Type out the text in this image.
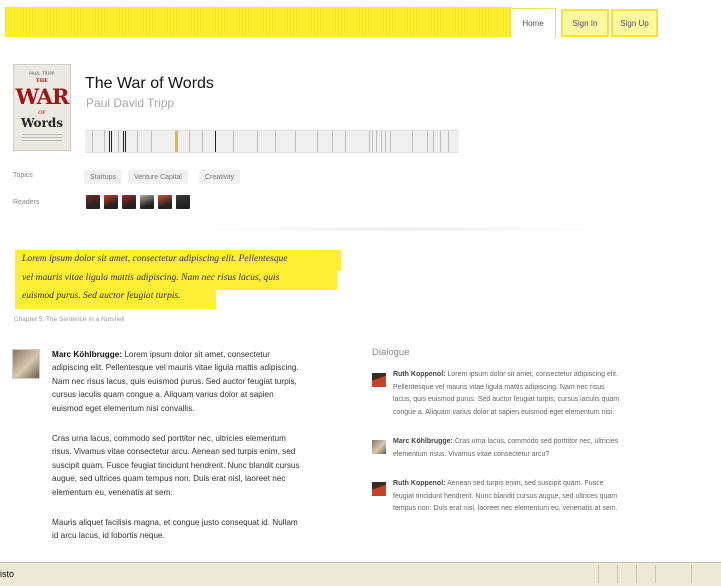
Home	Sign In	Sign Up
PAUL TRIPP
THE
WAR
OF
Words
The War of Words
Paul David Tripp
Topics	Startups	Venture Capital	Creativity
Readers
Lorem ipsum dolor sit amet, consectetur adipiscing elit. Pellentesque
vel mauris vitae ligula mattis adipiscing. Nam nec risus lacus, quis
euismod purus. Sed auctor feugiat turpis.
Chapter 5: The Sentence In a Nutshell
Marc Köhlbrugge: Lorem ipsum dolor sit amet, consectetur
adipiscing elit. Pellentesque vel mauris vitae ligula mattis adipiscing.
Nam nec risus lacus, quis euismod purus. Sed auctor feugiat turpis,
cursus iaculis quam congue a. Aliquam varius dolor at sapien
euismod eget elementum nisi convallis.
Cras urna lacus, commodo sed porttitor nec, ultricies elementum
risus. Vivamus vitae consectetur arcu. Aenean sed turpis enim, sed
suscipit quam. Fusce feugiat tincidunt hendrerit. Nunc blandit cursus
augue, sed ultrices quam tempus non. Duis erat nisl, laoreet nec
elementum eu, venenatis at sem.
Mauris aliquet facilisis magna, et congue justo consequat id. Nullam
id arcu lacus, id lobortis neque.
Dialogue
Ruth Koppenol: Lorem ipsum dolor sit amet, consectetur adipiscing elit.
Pellentesque vel mauris vitae ligula mattis adipiscing. Nam nec risus
lacus, quis euismod purus. Sed auctor feugiat turpis, cursus iaculis quam
congue a. Aliquam varius dolor at sapien euismod eget elementum nisi.
Marc Köhlbrugge: Cras urna lacus, commodo sed porttitor nec, ultricies
elementum risus. Vivamus vitae consectetur arcu?
Ruth Koppenol: Aenean sed turpis enim, sed suscipit quam. Fusce
feugiat tincidunt hendrerit. Nunc blandit cursus augue, sed ultrices quam
tempus non. Duis erat nisl, laoreet nec elementum eu, venenatis at sem.
isto
